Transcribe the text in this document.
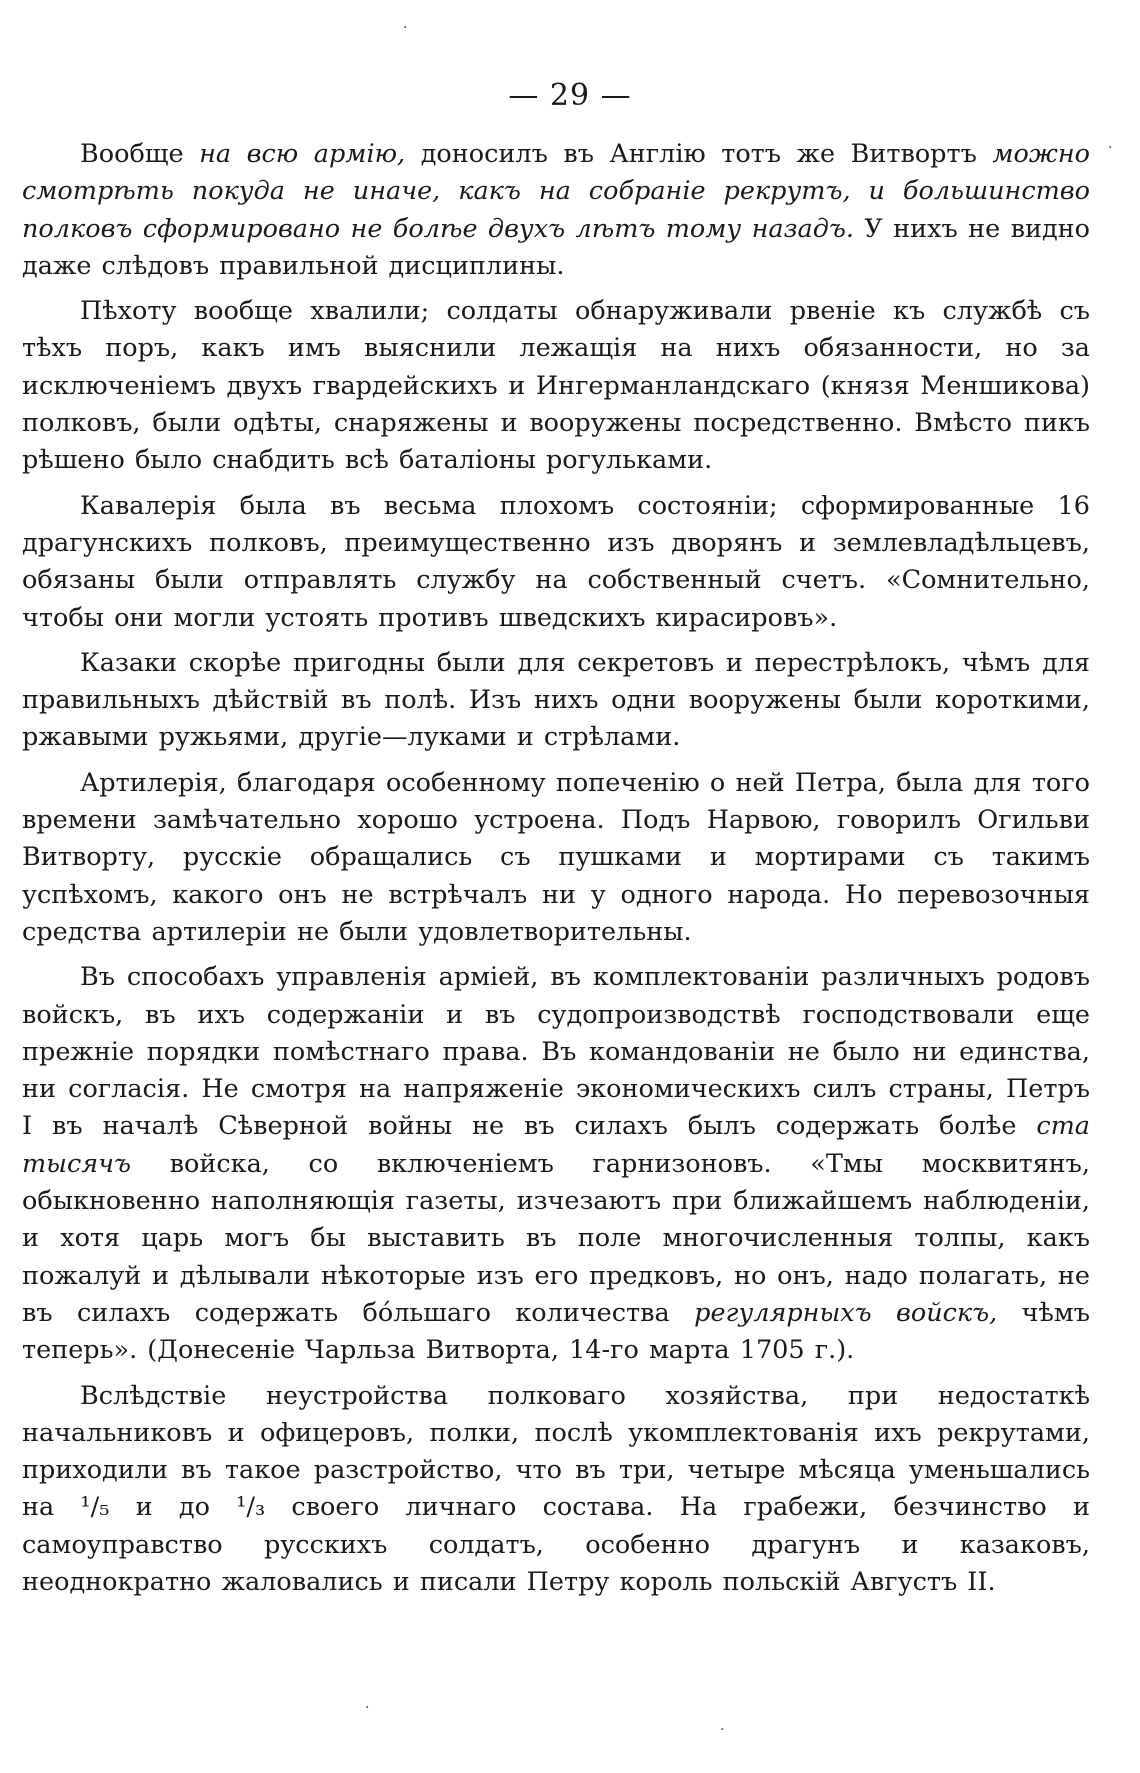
— 29 —

Вообще на всю армію, доносилъ въ Англію тотъ же Витвортъ можно смотрѣть покуда не иначе, какъ на собраніе рекрутъ, и большинство полковъ сформировано не болѣе двухъ лѣтъ тому назадъ. У нихъ не видно даже слѣдовъ правильной дисциплины.

Пѣхоту вообще хвалили; солдаты обнаруживали рвеніе къ службѣ съ тѣхъ поръ, какъ имъ выяснили лежащія на нихъ обязанности, но за исключеніемъ двухъ гвардейскихъ и Ингерманландскаго (князя Меншикова) полковъ, были одѣты, снаряжены и вооружены посредственно. Вмѣсто пикъ рѣшено было снабдить всѣ баталіоны рогульками.

Кавалерія была въ весьма плохомъ состояніи; сформированные 16 драгунскихъ полковъ, преимущественно изъ дворянъ и землевладѣльцевъ, обязаны были отправлять службу на собственный счетъ. «Сомнительно, чтобы они могли устоять противъ шведскихъ кирасировъ».

Казаки скорѣе пригодны были для секретовъ и перестрѣлокъ, чѣмъ для правильныхъ дѣйствій въ полѣ. Изъ нихъ одни вооружены были короткими, ржавыми ружьями, другіе—луками и стрѣлами.

Артилерія, благодаря особенному попеченію о ней Петра, была для того времени замѣчательно хорошо устроена. Подъ Нарвою, говорилъ Огильви Витворту, русскіе обращались съ пушками и мортирами съ такимъ успѣхомъ, какого онъ не встрѣчалъ ни у одного народа. Но перевозочныя средства артилеріи не были удовлетворительны.

Въ способахъ управленія арміей, въ комплектованіи различныхъ родовъ войскъ, въ ихъ содержаніи и въ судопроизводствѣ господствовали еще прежніе порядки помѣстнаго права. Въ командованіи не было ни единства, ни согласія. Не смотря на напряженіе экономическихъ силъ страны, Петръ I въ началѣ Сѣверной войны не въ силахъ былъ содержать болѣе ста тысячъ войска, со включеніемъ гарнизоновъ. «Тмы москвитянъ, обыкновенно наполняющія газеты, изчезаютъ при ближайшемъ наблюденіи, и хотя царь могъ бы выставить въ поле многочисленныя толпы, какъ пожалуй и дѣлывали нѣкоторые изъ его предковъ, но онъ, надо полагать, не въ силахъ содержать бо́льшаго количества регулярныхъ войскъ, чѣмъ теперь». (Донесеніе Чарльза Витворта, 14-го марта 1705 г.).

Вслѣдствіе неустройства полковаго хозяйства, при недостаткѣ начальниковъ и офицеровъ, полки, послѣ укомплектованія ихъ рекрутами, приходили въ такое разстройство, что въ три, четыре мѣсяца уменьшались на ¹/₅ и до ¹/₃ своего личнаго состава. На грабежи, безчинство и самоуправство русскихъ солдатъ, особенно драгунъ и казаковъ, неоднократно жаловались и писали Петру король польскій Августъ II.

·
·
·
·
